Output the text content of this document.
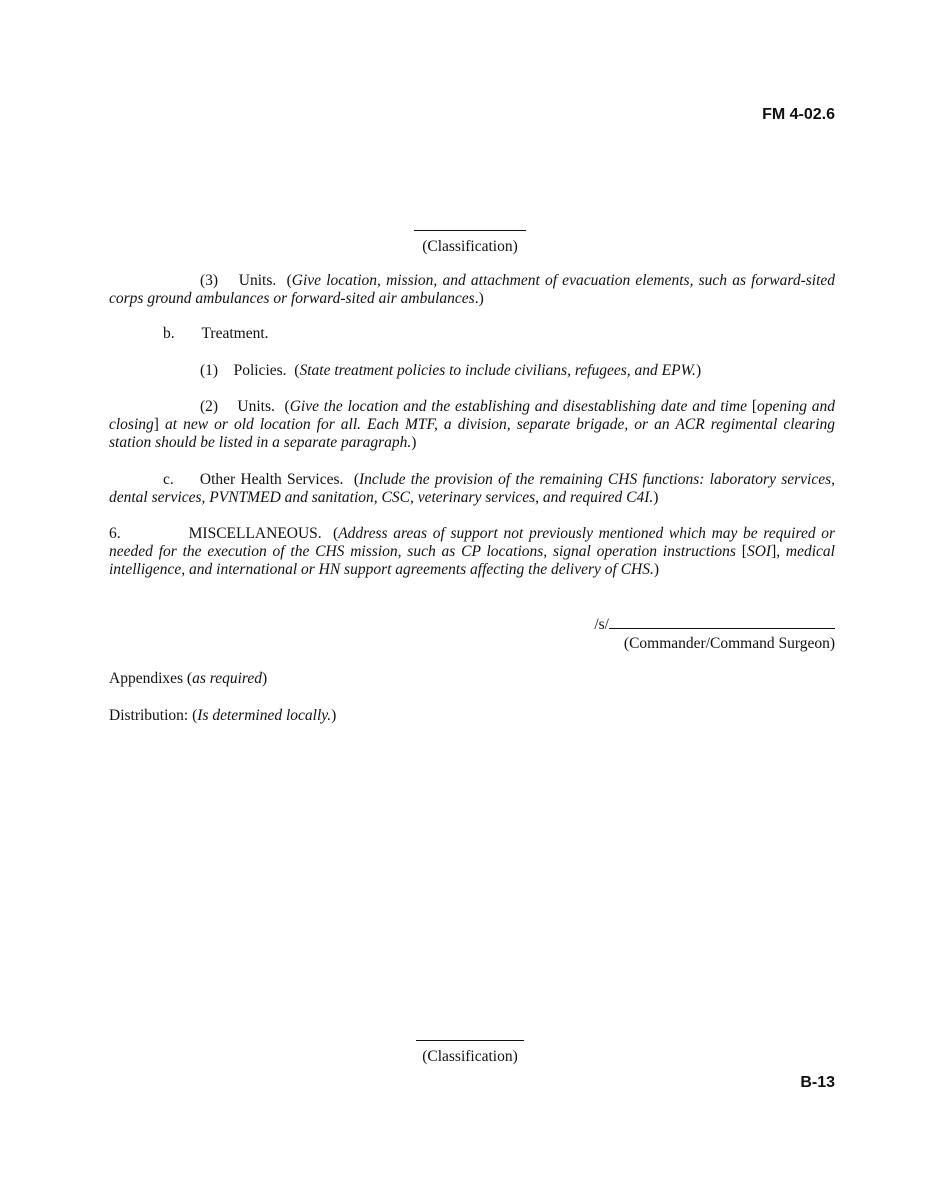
FM 4-02.6
(Classification)
(3) Units. (Give location, mission, and attachment of evacuation elements, such as forward-sited corps ground ambulances or forward-sited air ambulances.)
b. Treatment.
(1) Policies. (State treatment policies to include civilians, refugees, and EPW.)
(2) Units. (Give the location and the establishing and disestablishing date and time [opening and closing] at new or old location for all. Each MTF, a division, separate brigade, or an ACR regimental clearing station should be listed in a separate paragraph.)
c. Other Health Services. (Include the provision of the remaining CHS functions: laboratory services, dental services, PVNTMED and sanitation, CSC, veterinary services, and required C4I.)
6.	MISCELLANEOUS. (Address areas of support not previously mentioned which may be required or needed for the execution of the CHS mission, such as CP locations, signal operation instructions [SOI], medical intelligence, and international or HN support agreements affecting the delivery of CHS.)
/s/
(Commander/Command Surgeon)
Appendixes (as required)
Distribution: (Is determined locally.)
(Classification)
B-13
